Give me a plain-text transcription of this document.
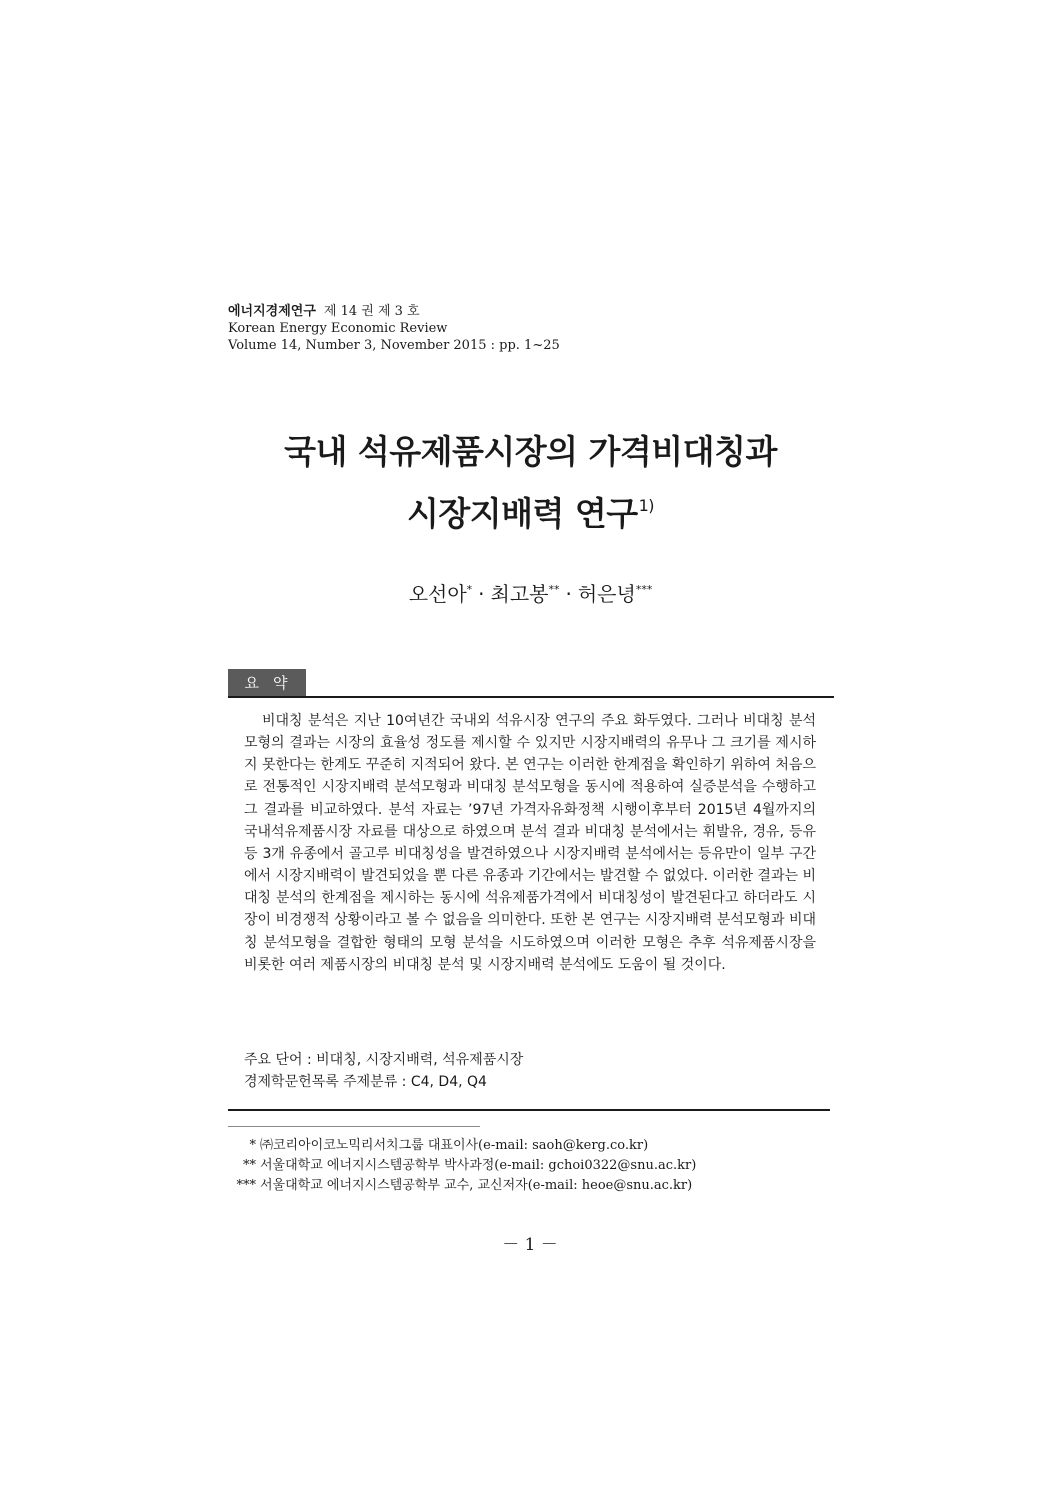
에너지경제연구 제 14 권 제 3 호
Korean Energy Economic Review
Volume 14, Number 3, November 2015 : pp. 1~25
국내 석유제품시장의 가격비대칭과
시장지배력 연구$^{1)}$
오선아* · 최고봉** · 허은녕***
요약

비대칭 분석은 지난 10여년간 국내외 석유시장 연구의 주요 화두였다. 그러나 비대칭 분석 모형의 결과는 시장의 효율성 정도를 제시할 수 있지만 시장지배력의 유무나 그 크기를 제시하지 못한다는 한계도 꾸준히 지적되어 왔다. 본 연구는 이러한 한계점을 확인하기 위하여 처음으로 전통적인 시장지배력 분석모형과 비대칭 분석모형을 동시에 적용하여 실증분석을 수행하고 그 결과를 비교하였다. 분석 자료는 ’97년 가격자유화정책 시행이후부터 2015년 4월까지의 국내석유제품시장 자료를 대상으로 하였으며 분석 결과 비대칭 분석에서는 휘발유, 경유, 등유 등 3개 유종에서 골고루 비대칭성을 발견하였으나 시장지배력 분석에서는 등유만이 일부 구간에서 시장지배력이 발견되었을 뿐 다른 유종과 기간에서는 발견할 수 없었다. 이러한 결과는 비대칭 분석의 한계점을 제시하는 동시에 석유제품가격에서 비대칭성이 발견된다고 하더라도 시장이 비경쟁적 상황이라고 볼 수 없음을 의미한다. 또한 본 연구는 시장지배력 분석모형과 비대칭 분석모형을 결합한 형태의 모형 분석을 시도하였으며 이러한 모형은 추후 석유제품시장을 비롯한 여러 제품시장의 비대칭 분석 및 시장지배력 분석에도 도움이 될 것이다.

주요 단어 : 비대칭, 시장지배력, 석유제품시장
경제학문헌목록 주제분류 : C4, D4, Q4
* ㈜코리아이코노믹리서치그룹 대표이사(e-mail: saoh@kerg.co.kr)
** 서울대학교 에너지시스템공학부 박사과정(e-mail: gchoi0322@snu.ac.kr)
*** 서울대학교 에너지시스템공학부 교수, 교신저자(e-mail: heoe@snu.ac.kr)
－ 1 －
